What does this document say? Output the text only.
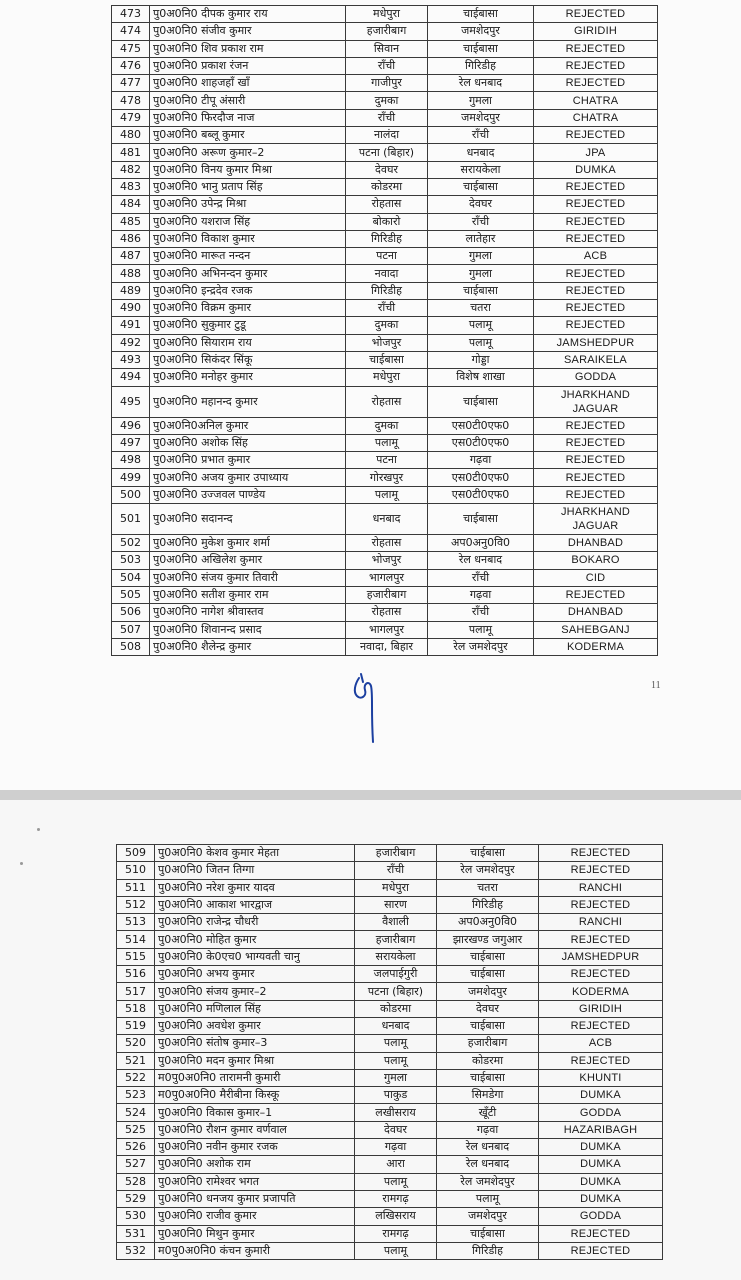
473	पु0अ0नि0 दीपक कुमार राय	मधेपुरा	चाईबासा	REJECTED
474	पु0अ0नि0 संजीव कुमार	हजारीबाग	जमशेदपुर	GIRIDIH
475	पु0अ0नि0 शिव प्रकाश राम	सिवान	चाईबासा	REJECTED
476	पु0अ0नि0 प्रकाश रंजन	राँची	गिरिडीह	REJECTED
477	पु0अ0नि0 शाहजहाँ खाँ	गाजीपुर	रेल धनबाद	REJECTED
478	पु0अ0नि0 टीपू अंसारी	दुमका	गुमला	CHATRA
479	पु0अ0नि0 फिरदौज नाज	राँची	जमशेदपुर	CHATRA
480	पु0अ0नि0 बब्लू कुमार	नालंदा	राँची	REJECTED
481	पु0अ0नि0 अरूण कुमार–2	पटना (बिहार)	धनबाद	JPA
482	पु0अ0नि0 विनय कुमार मिश्रा	देवघर	सरायकेला	DUMKA
483	पु0अ0नि0 भानु प्रताप सिंह	कोडरमा	चाईबासा	REJECTED
484	पु0अ0नि0 उपेन्द्र मिश्रा	रोहतास	देवघर	REJECTED
485	पु0अ0नि0 यशराज सिंह	बोकारो	राँची	REJECTED
486	पु0अ0नि0 विकाश कुमार	गिरिडीह	लातेहार	REJECTED
487	पु0अ0नि0 मारूत नन्दन	पटना	गुमला	ACB
488	पु0अ0नि0 अभिनन्दन कुमार	नवादा	गुमला	REJECTED
489	पु0अ0नि0 इन्द्रदेव रजक	गिरिडीह	चाईबासा	REJECTED
490	पु0अ0नि0 विक्रम कुमार	राँची	चतरा	REJECTED
491	पु0अ0नि0 सुकुमार टुडू	दुमका	पलामू	REJECTED
492	पु0अ0नि0 सियाराम राय	भोजपुर	पलामू	JAMSHEDPUR
493	पु0अ0नि0 सिकंदर सिंकू	चाईबासा	गोड्डा	SARAIKELA
494	पु0अ0नि0 मनोहर कुमार	मधेपुरा	विशेष शाखा	GODDA
495	पु0अ0नि0 महानन्द कुमार	रोहतास	चाईबासा	JHARKHAND JAGUAR
496	पु0अ0नि0अनिल कुमार	दुमका	एस0टी0एफ0	REJECTED
497	पु0अ0नि0 अशोक सिंह	पलामू	एस0टी0एफ0	REJECTED
498	पु0अ0नि0 प्रभात कुमार	पटना	गढ़वा	REJECTED
499	पु0अ0नि0 अजय कुमार उपाध्याय	गोरखपुर	एस0टी0एफ0	REJECTED
500	पु0अ0नि0 उज्जवल पाण्डेय	पलामू	एस0टी0एफ0	REJECTED
501	पु0अ0नि0 सदानन्द	धनबाद	चाईबासा	JHARKHAND JAGUAR
502	पु0अ0नि0 मुकेश कुमार शर्मा	रोहतास	अप0अनु0वि0	DHANBAD
503	पु0अ0नि0 अखिलेश कुमार	भोजपुर	रेल धनबाद	BOKARO
504	पु0अ0नि0 संजय कुमार तिवारी	भागलपुर	राँची	CID
505	पु0अ0नि0 सतीश कुमार राम	हजारीबाग	गढ़वा	REJECTED
506	पु0अ0नि0 नागेश श्रीवास्तव	रोहतास	राँची	DHANBAD
507	पु0अ0नि0 शिवानन्द प्रसाद	भागलपुर	पलामू	SAHEBGANJ
508	पु0अ0नि0 शैलेन्द्र कुमार	नवादा, बिहार	रेल जमशेदपुर	KODERMA
11
509	पु0अ0नि0 केशव कुमार मेहता	हजारीबाग	चाईबासा	REJECTED
510	पु0अ0नि0 जितन तिग्गा	राँची	रेल जमशेदपुर	REJECTED
511	पु0अ0नि0 नरेश कुमार यादव	मधेपुरा	चतरा	RANCHI
512	पु0अ0नि0 आकाश भारद्वाज	सारण	गिरिडीह	REJECTED
513	पु0अ0नि0 राजेन्द्र चौधरी	वैशाली	अप0अनु0वि0	RANCHI
514	पु0अ0नि0 मोहित कुमार	हजारीबाग	झारखण्ड जगुआर	REJECTED
515	पु0अ0नि0 के0एच0 भाग्यवती चानु	सरायकेला	चाईबासा	JAMSHEDPUR
516	पु0अ0नि0 अभय कुमार	जलपाईगुरी	चाईबासा	REJECTED
517	पु0अ0नि0 संजय कुमार–2	पटना (बिहार)	जमशेदपुर	KODERMA
518	पु0अ0नि0 मणिलाल सिंह	कोडरमा	देवघर	GIRIDIH
519	पु0अ0नि0 अवधेश कुमार	धनबाद	चाईबासा	REJECTED
520	पु0अ0नि0 संतोष कुमार–3	पलामू	हजारीबाग	ACB
521	पु0अ0नि0 मदन कुमार मिश्रा	पलामू	कोडरमा	REJECTED
522	म0पु0अ0नि0 तारामनी कुमारी	गुमला	चाईबासा	KHUNTI
523	म0पु0अ0नि0 मैरीबीना किस्कू	पाकुड	सिमडेगा	DUMKA
524	पु0अ0नि0 विकास कुमार–1	लखीसराय	खूँटी	GODDA
525	पु0अ0नि0 रौशन कुमार वर्णवाल	देवघर	गढ़वा	HAZARIBAGH
526	पु0अ0नि0 नवीन कुमार रजक	गढ़वा	रेल धनबाद	DUMKA
527	पु0अ0नि0 अशोक राम	आरा	रेल धनबाद	DUMKA
528	पु0अ0नि0 रामेश्वर भगत	पलामू	रेल जमशेदपुर	DUMKA
529	पु0अ0नि0 धनजय कुमार प्रजापति	रामगढ़	पलामू	DUMKA
530	पु0अ0नि0 राजीव कुमार	लखिसराय	जमशेदपुर	GODDA
531	पु0अ0नि0 मिथुन कुमार	रामगढ़	चाईबासा	REJECTED
532	म0पु0अ0नि0 कंचन कुमारी	पलामू	गिरिडीह	REJECTED
